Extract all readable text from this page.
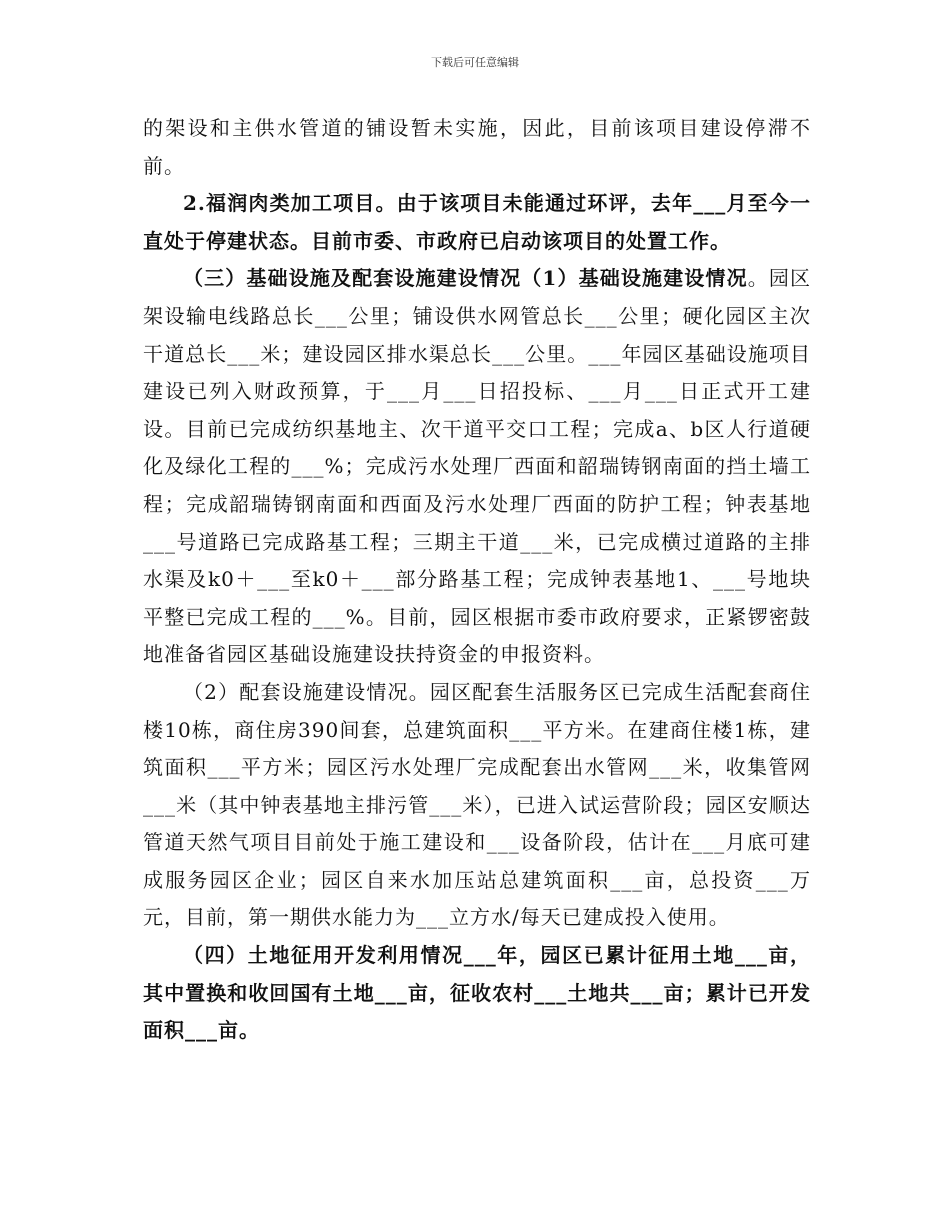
下载后可任意编辑

的架设和主供水管道的铺设暂未实施，因此，目前该项目建设停滞不前。

2.福润肉类加工项目。由于该项目未能通过环评，去年___月至今一直处于停建状态。目前市委、市政府已启动该项目的处置工作。

（三）基础设施及配套设施建设情况（1）基础设施建设情况。园区架设输电线路总长___公里；铺设供水网管总长___公里；硬化园区主次干道总长___米；建设园区排水渠总长___公里。___年园区基础设施项目建设已列入财政预算，于___月___日招投标、___月___日正式开工建设。目前已完成纺织基地主、次干道平交口工程；完成a、b区人行道硬化及绿化工程的___%；完成污水处理厂西面和韶瑞铸钢南面的挡土墙工程；完成韶瑞铸钢南面和西面及污水处理厂西面的防护工程；钟表基地___号道路已完成路基工程；三期主干道___米，已完成横过道路的主排水渠及k0＋___至k0＋___部分路基工程；完成钟表基地1、___号地块平整已完成工程的___%。目前，园区根据市委市政府要求，正紧锣密鼓地准备省园区基础设施建设扶持资金的申报资料。

（2）配套设施建设情况。园区配套生活服务区已完成生活配套商住楼10栋，商住房390间套，总建筑面积___平方米。在建商住楼1栋，建筑面积___平方米；园区污水处理厂完成配套出水管网___米，收集管网___米（其中钟表基地主排污管___米），已进入试运营阶段；园区安顺达管道天然气项目目前处于施工建设和___设备阶段，估计在___月底可建成服务园区企业；园区自来水加压站总建筑面积___亩，总投资___万元，目前，第一期供水能力为___立方水/每天已建成投入使用。

（四）土地征用开发利用情况___年，园区已累计征用土地___亩，其中置换和收回国有土地___亩，征收农村___土地共___亩；累计已开发面积___亩。
